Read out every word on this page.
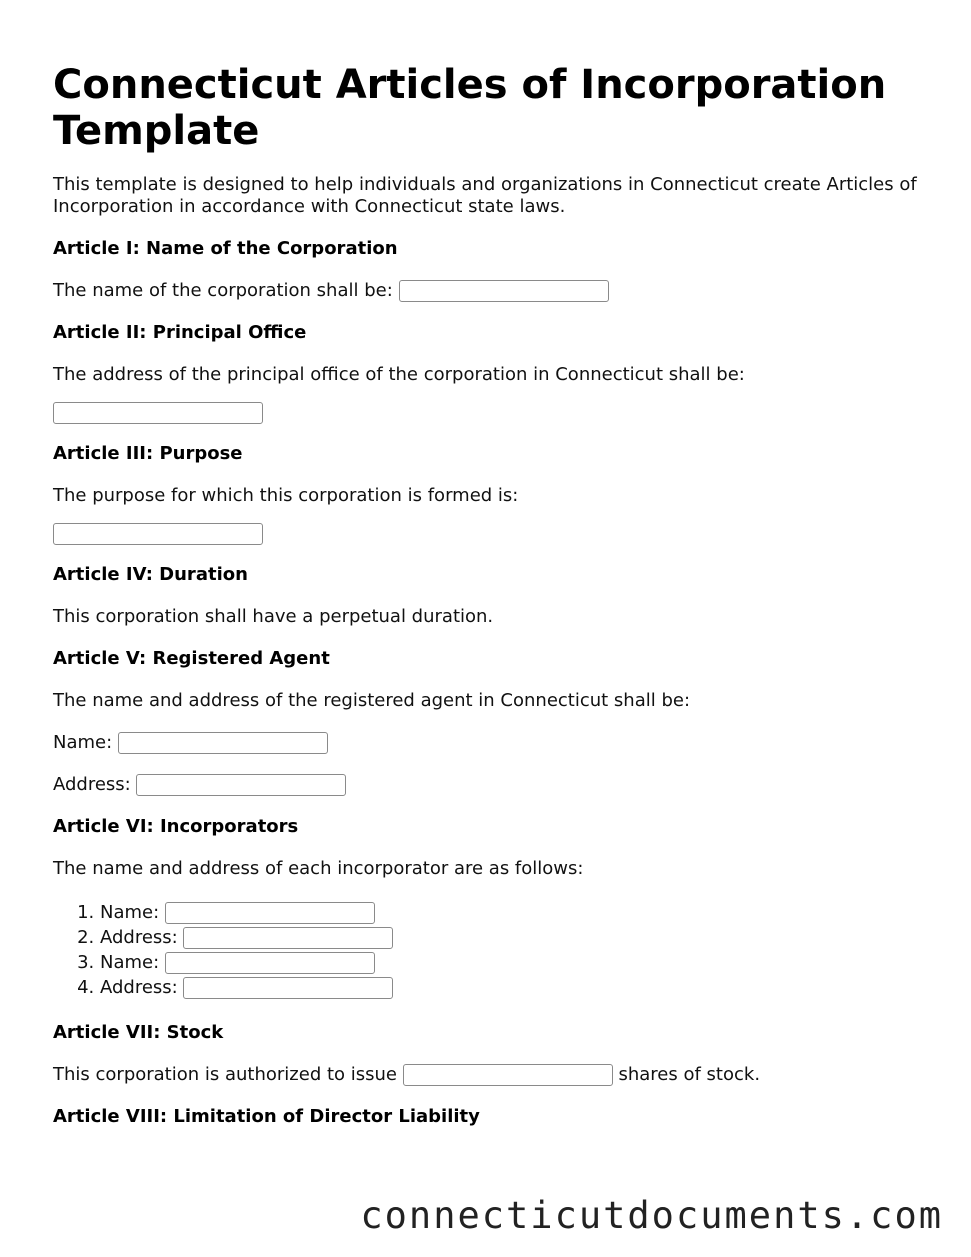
Connecticut Articles of Incorporation Template

This template is designed to help individuals and organizations in Connecticut create Articles of Incorporation in accordance with Connecticut state laws.

Article I: Name of the Corporation

The name of the corporation shall be:

Article II: Principal Office

The address of the principal office of the corporation in Connecticut shall be:

Article III: Purpose

The purpose for which this corporation is formed is:

Article IV: Duration

This corporation shall have a perpetual duration.

Article V: Registered Agent

The name and address of the registered agent in Connecticut shall be:

Name:

Address:

Article VI: Incorporators

The name and address of each incorporator are as follows:

1. Name:
2. Address:
3. Name:
4. Address:
Article VII: Stock

This corporation is authorized to issue	shares of stock.

Article VIII: Limitation of Director Liability
connecticutdocuments.com
